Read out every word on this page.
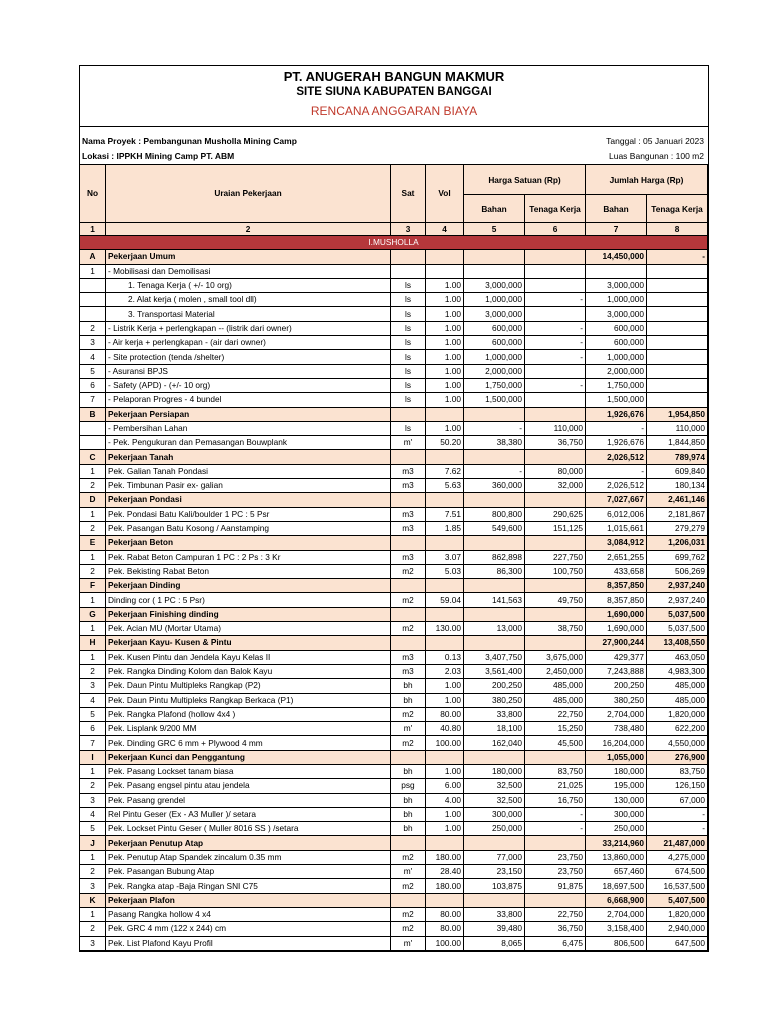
PT. ANUGERAH BANGUN MAKMUR
SITE SIUNA KABUPATEN BANGGAI
RENCANA ANGGARAN BIAYA
Nama Proyek : Pembangunan Musholla Mining Camp
Lokasi : IPPKH Mining Camp PT. ABM
Tanggal : 05 Januari 2023
Luas Bangunan : 100 m2
No	Uraian Pekerjaan	Sat	Vol	Harga Satuan (Rp)		Jumlah Harga (Rp)	
				Bahan	Tenaga Kerja	Bahan	Tenaga Kerja
1	2	3	4	5	6	7	8
I.MUSHOLLA							
A	Pekerjaan Umum					14,450,000	-
1	- Mobilisasi dan Demoilisasi						
	1. Tenaga Kerja ( +/- 10 org)	ls	1.00	3,000,000		3,000,000	
	2. Alat kerja ( molen , small tool dll)	ls	1.00	1,000,000	-	1,000,000	
	3. Transportasi Material	ls	1.00	3,000,000		3,000,000	
2	- Listrik Kerja + perlengkapan -- (listrik dari owner)	ls	1.00	600,000	-	600,000	
3	- Air kerja + perlengkapan - (air dari owner)	ls	1.00	600,000	-	600,000	
4	- Site protection (tenda /shelter)	ls	1.00	1,000,000	-	1,000,000	
5	- Asuransi BPJS	ls	1.00	2,000,000		2,000,000	
6	- Safety (APD) - (+/- 10 org)	ls	1.00	1,750,000	-	1,750,000	
7	- Pelaporan Progres - 4 bundel	ls	1.00	1,500,000		1,500,000	
B	Pekerjaan Persiapan					1,926,676	1,954,850
	- Pembersihan Lahan	ls	1.00	-	110,000	-	110,000
	- Pek. Pengukuran dan Pemasangan Bouwplank	m'	50.20	38,380	36,750	1,926,676	1,844,850
C	Pekerjaan Tanah					2,026,512	789,974
1	Pek. Galian Tanah Pondasi	m3	7.62	-	80,000	-	609,840
2	Pek. Timbunan Pasir ex- galian	m3	5.63	360,000	32,000	2,026,512	180,134
D	Pekerjaan Pondasi					7,027,667	2,461,146
1	Pek. Pondasi Batu Kali/boulder 1 PC : 5 Psr	m3	7.51	800,800	290,625	6,012,006	2,181,867
2	Pek. Pasangan Batu Kosong / Aanstamping	m3	1.85	549,600	151,125	1,015,661	279,279
E	Pekerjaan Beton					3,084,912	1,206,031
1	Pek. Rabat Beton Campuran 1 PC : 2 Ps : 3 Kr	m3	3.07	862,898	227,750	2,651,255	699,762
2	Pek. Bekisting Rabat Beton	m2	5.03	86,300	100,750	433,658	506,269
F	Pekerjaan Dinding					8,357,850	2,937,240
1	Dinding cor ( 1 PC : 5 Psr)	m2	59.04	141,563	49,750	8,357,850	2,937,240
G	Pekerjaan Finishing dinding					1,690,000	5,037,500
1	Pek. Acian MU (Mortar Utama)	m2	130.00	13,000	38,750	1,690,000	5,037,500
H	Pekerjaan Kayu- Kusen & Pintu					27,900,244	13,408,550
1	Pek. Kusen Pintu dan Jendela Kayu Kelas II	m3	0.13	3,407,750	3,675,000	429,377	463,050
2	Pek. Rangka Dinding Kolom dan Balok Kayu	m3	2.03	3,561,400	2,450,000	7,243,888	4,983,300
3	Pek. Daun Pintu Multipleks Rangkap (P2)	bh	1.00	200,250	485,000	200,250	485,000
4	Pek. Daun Pintu Multipleks Rangkap Berkaca (P1)	bh	1.00	380,250	485,000	380,250	485,000
5	Pek. Rangka Plafond (hollow 4x4 )	m2	80.00	33,800	22,750	2,704,000	1,820,000
6	Pek. Lisplank 9/200 MM	m'	40.80	18,100	15,250	738,480	622,200
7	Pek. Dinding GRC 6 mm + Plywood 4 mm	m2	100.00	162,040	45,500	16,204,000	4,550,000
I	Pekerjaan Kunci dan Penggantung					1,055,000	276,900
1	Pek. Pasang Lockset tanam biasa	bh	1.00	180,000	83,750	180,000	83,750
2	Pek. Pasang engsel pintu atau jendela	psg	6.00	32,500	21,025	195,000	126,150
3	Pek. Pasang grendel	bh	4.00	32,500	16,750	130,000	67,000
4	Rel Pintu Geser (Ex - A3 Muller )/ setara	bh	1.00	300,000	-	300,000	-
5	Pek. Lockset Pintu Geser ( Muller 8016 SS ) /setara	bh	1.00	250,000	-	250,000	-
J	Pekerjaan Penutup Atap					33,214,960	21,487,000
1	Pek. Penutup Atap Spandek zincalum 0.35 mm	m2	180.00	77,000	23,750	13,860,000	4,275,000
2	Pek. Pasangan Bubung Atap	m'	28.40	23,150	23,750	657,460	674,500
3	Pek. Rangka atap -Baja Ringan SNI C75	m2	180.00	103,875	91,875	18,697,500	16,537,500
K	Pekerjaan Plafon					6,668,900	5,407,500
1	Pasang Rangka hollow 4 x4	m2	80.00	33,800	22,750	2,704,000	1,820,000
2	Pek. GRC 4 mm (122 x 244) cm	m2	80.00	39,480	36,750	3,158,400	2,940,000
3	Pek. List Plafond Kayu Profil	m'	100.00	8,065	6,475	806,500	647,500
